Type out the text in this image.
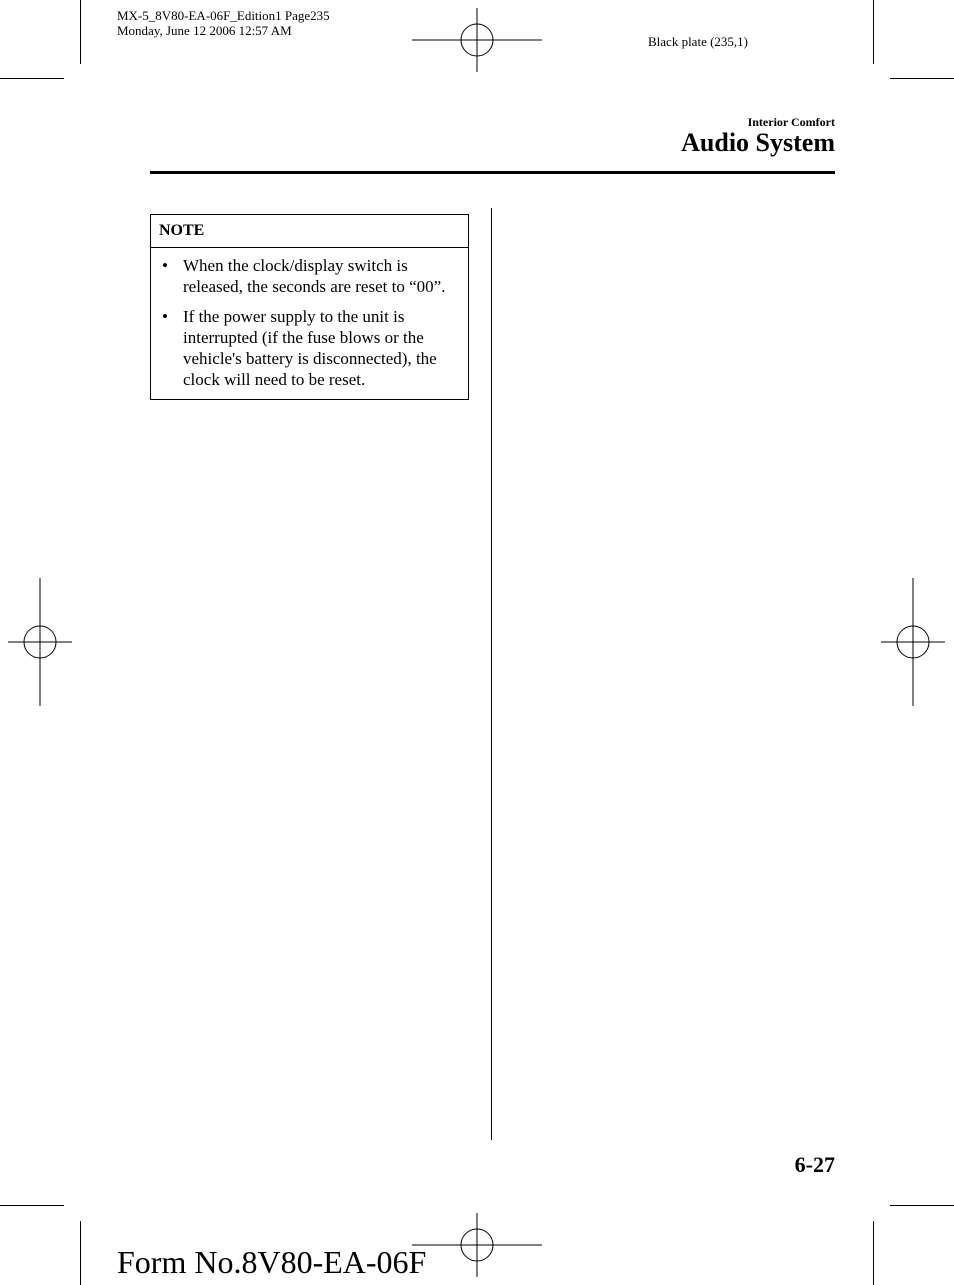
MX-5_8V80-EA-06F_Edition1 Page235
Monday, June 12 2006 12:57 AM
Black plate (235,1)
Interior Comfort
Audio System
NOTE
• When the clock/display switch is released, the seconds are reset to “00”.
• If the power supply to the unit is interrupted (if the fuse blows or the vehicle's battery is disconnected), the clock will need to be reset.
6-27
Form No.8V80-EA-06F
